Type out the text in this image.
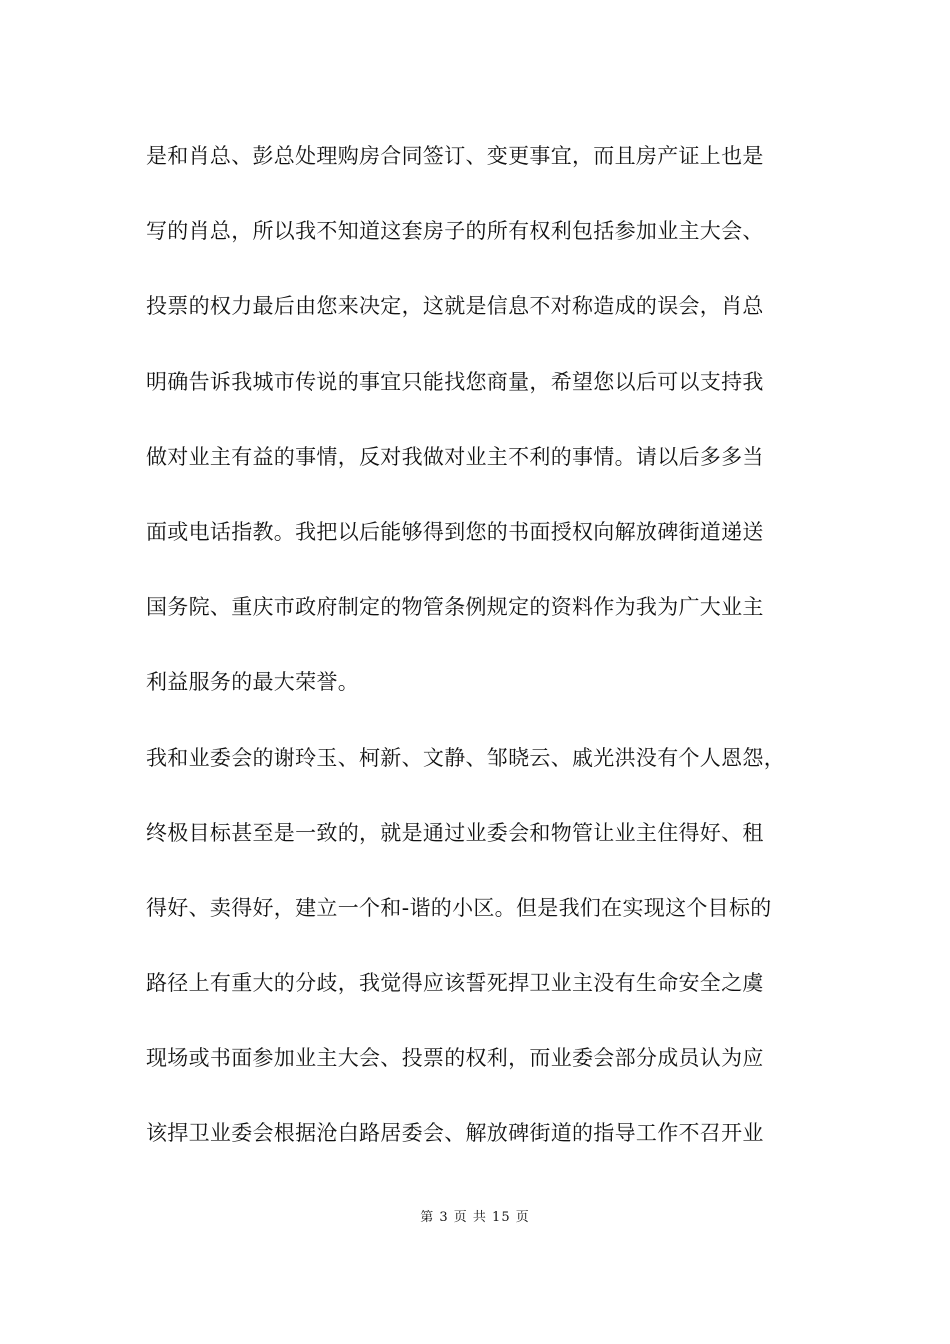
是和肖总、彭总处理购房合同签订、变更事宜，而且房产证上也是
写的肖总，所以我不知道这套房子的所有权利包括参加业主大会、
投票的权力最后由您来决定，这就是信息不对称造成的误会，肖总
明确告诉我城市传说的事宜只能找您商量，希望您以后可以支持我
做对业主有益的事情，反对我做对业主不利的事情。请以后多多当
面或电话指教。我把以后能够得到您的书面授权向解放碑街道递送
国务院、重庆市政府制定的物管条例规定的资料作为我为广大业主
利益服务的最大荣誉。
我和业委会的谢玲玉、柯新、文静、邹晓云、戚光洪没有个人恩怨，
终极目标甚至是一致的，就是通过业委会和物管让业主住得好、租
得好、卖得好，建立一个和-谐的小区。但是我们在实现这个目标的
路径上有重大的分歧，我觉得应该誓死捍卫业主没有生命安全之虞
现场或书面参加业主大会、投票的权利，而业委会部分成员认为应
该捍卫业委会根据沧白路居委会、解放碑街道的指导工作不召开业
第 3 页 共 15 页
